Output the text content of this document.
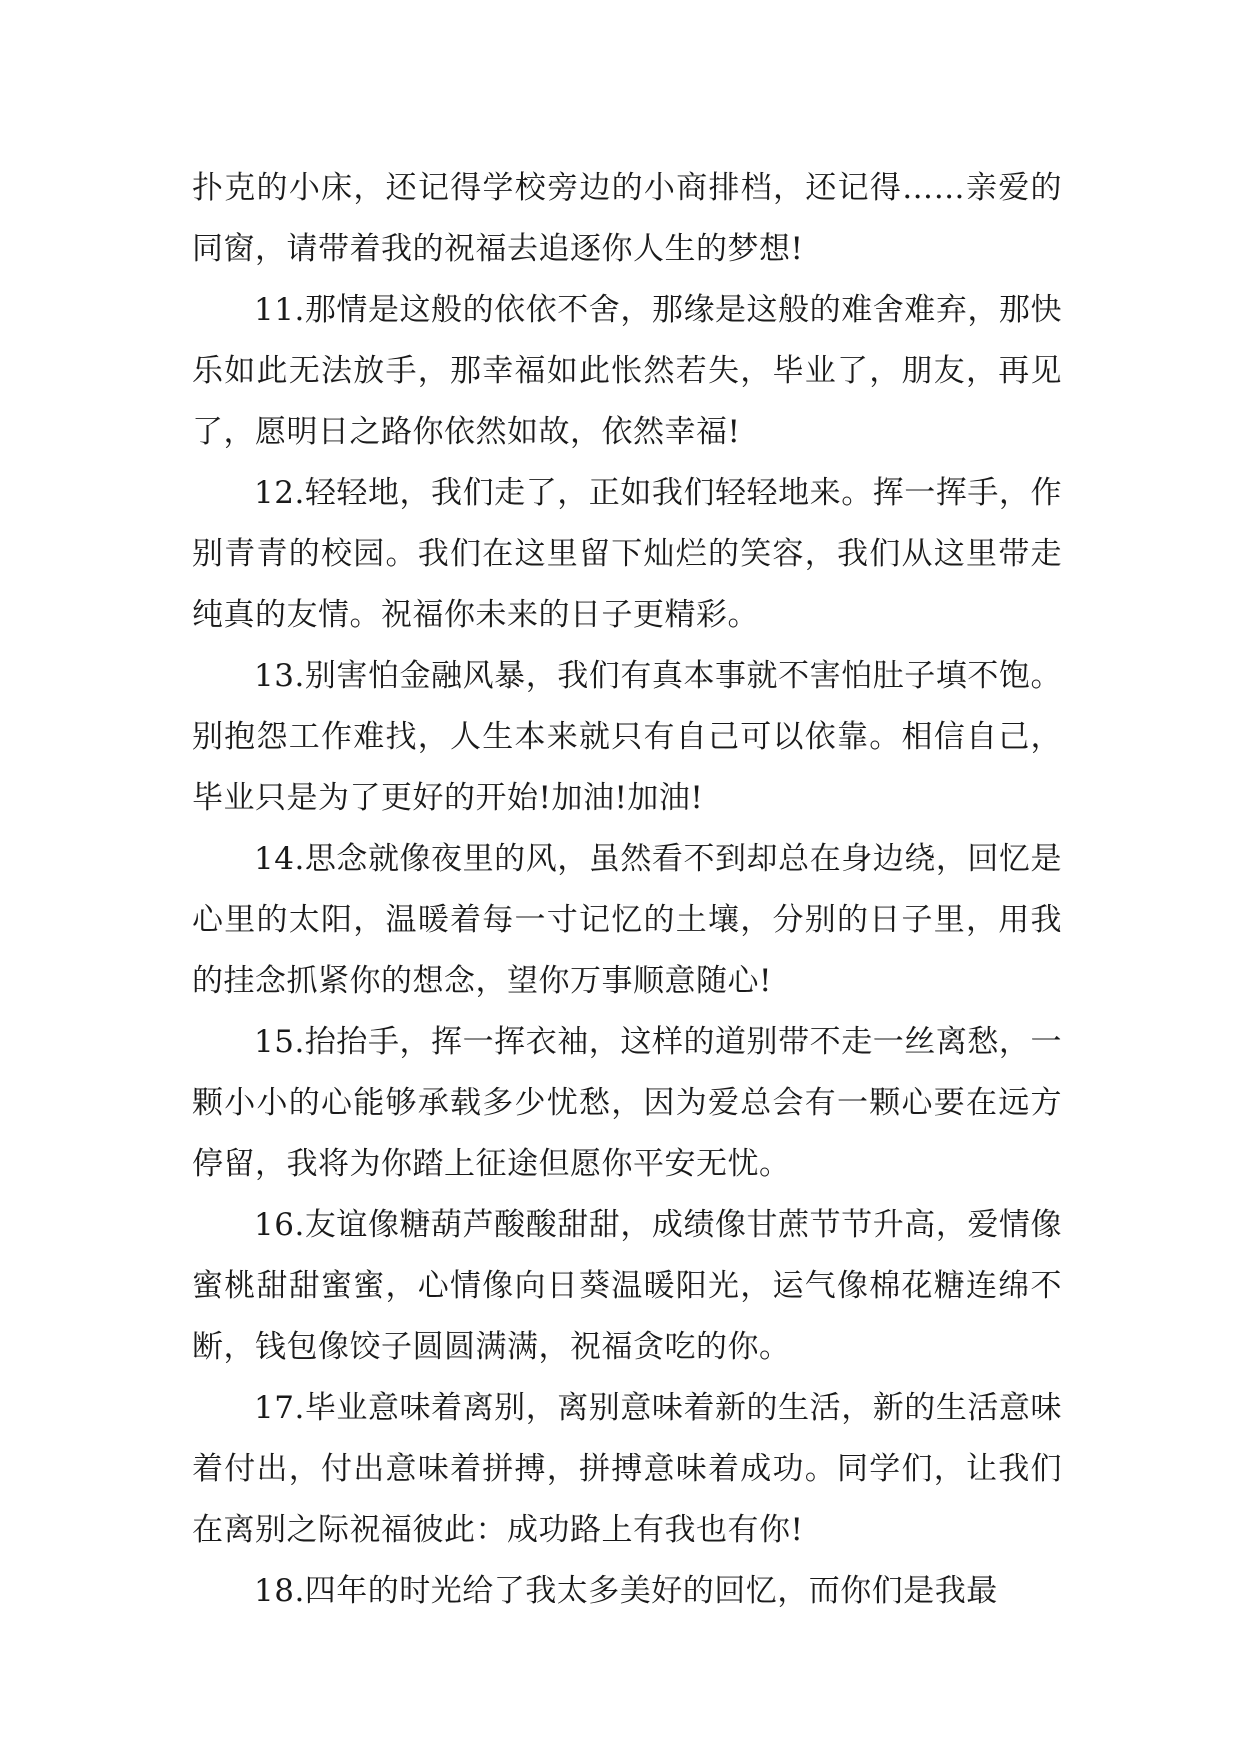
扑克的小床，还记得学校旁边的小商排档，还记得……亲爱的同窗，请带着我的祝福去追逐你人生的梦想!

11.那情是这般的依依不舍，那缘是这般的难舍难弃，那快乐如此无法放手，那幸福如此怅然若失，毕业了，朋友，再见了，愿明日之路你依然如故，依然幸福!

12.轻轻地，我们走了，正如我们轻轻地来。挥一挥手，作别青青的校园。我们在这里留下灿烂的笑容，我们从这里带走纯真的友情。祝福你未来的日子更精彩。

13.别害怕金融风暴，我们有真本事就不害怕肚子填不饱。别抱怨工作难找，人生本来就只有自己可以依靠。相信自己，毕业只是为了更好的开始!加油!加油!

14.思念就像夜里的风，虽然看不到却总在身边绕，回忆是心里的太阳，温暖着每一寸记忆的土壤，分别的日子里，用我的挂念抓紧你的想念，望你万事顺意随心!

15.抬抬手，挥一挥衣袖，这样的道别带不走一丝离愁，一颗小小的心能够承载多少忧愁，因为爱总会有一颗心要在远方停留，我将为你踏上征途但愿你平安无忧。

16.友谊像糖葫芦酸酸甜甜，成绩像甘蔗节节升高，爱情像蜜桃甜甜蜜蜜，心情像向日葵温暖阳光，运气像棉花糖连绵不断，钱包像饺子圆圆满满，祝福贪吃的你。

17.毕业意味着离别，离别意味着新的生活，新的生活意味着付出，付出意味着拼搏，拼搏意味着成功。同学们，让我们在离别之际祝福彼此：成功路上有我也有你!

18.四年的时光给了我太多美好的回忆，而你们是我最
